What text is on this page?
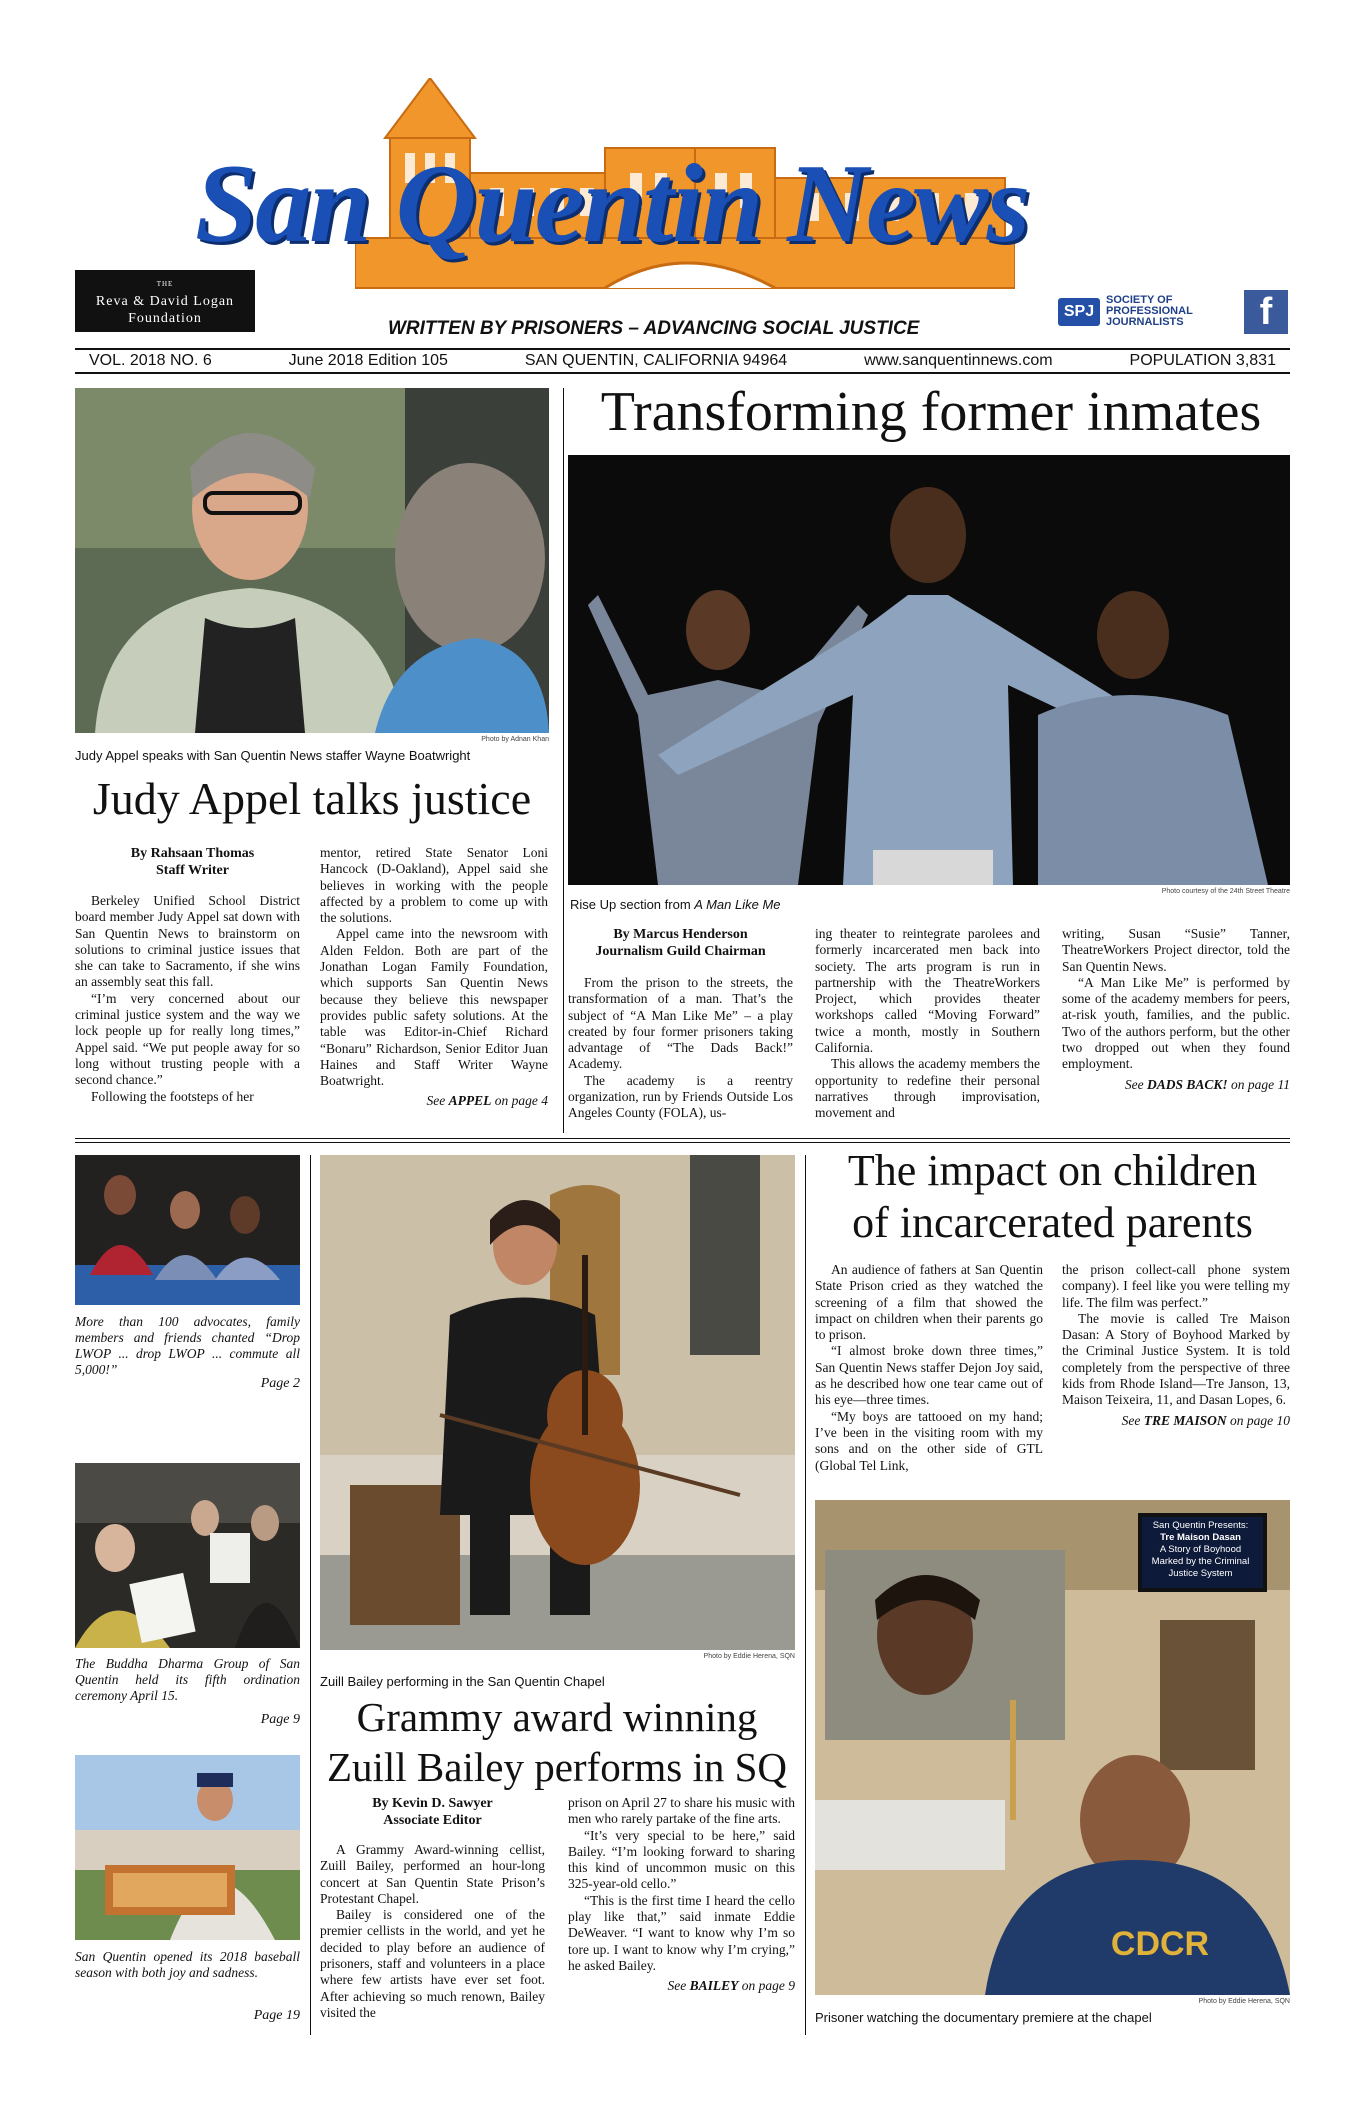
San Quentin News
THE
Reva & David Logan
Foundation	WRITTEN BY PRISONERS – ADVANCING SOCIAL JUSTICE
SPJ
SOCIETY OF
PROFESSIONAL
JOURNALISTS	f
VOL. 2018 NO. 6	June 2018 Edition 105	SAN QUENTIN, CALIFORNIA 94964	www.sanquentinnews.com	POPULATION 3,831
Photo by Adnan Khan
Judy Appel speaks with San Quentin News staffer Wayne Boatwright
Judy Appel talks justice
By Rahsaan Thomas
Staff Writer

Berkeley Unified School District board member Judy Appel sat down with San Quentin News to brainstorm on solutions to criminal justice issues that she can take to Sacramento, if she wins an assembly seat this fall.

“I’m very concerned about our criminal justice system and the way we lock people up for really long times,” Appel said. “We put people away for so long without trusting people with a second chance.”

Following the footsteps of her

mentor, retired State Senator Loni Hancock (D-Oakland), Appel said she believes in working with the people affected by a problem to come up with the solutions.

Appel came into the newsroom with Alden Feldon. Both are part of the Jonathan Logan Family Foundation, which supports San Quentin News because they believe this newspaper provides public safety solutions. At the table was Editor-in-Chief Richard “Bonaru” Richardson, Senior Editor Juan Haines and Staff Writer Wayne Boatwright.

See APPEL on page 4
Transforming former inmates
Photo courtesy of the 24th Street Theatre
Rise Up section from A Man Like Me
By Marcus Henderson
Journalism Guild Chairman

From the prison to the streets, the transformation of a man. That’s the subject of “A Man Like Me” – a play created by four former prisoners taking advantage of “The Dads Back!” Academy.

The academy is a reentry organization, run by Friends Outside Los Angeles County (FOLA), us-

ing theater to reintegrate parolees and formerly incarcerated men back into society. The arts program is run in partnership with the TheatreWorkers Project, which provides theater workshops called “Moving Forward” twice a month, mostly in Southern California.

This allows the academy members the opportunity to redefine their personal narratives through improvisation, movement and

writing, Susan “Susie” Tanner, TheatreWorkers Project director, told the San Quentin News.

“A Man Like Me” is performed by some of the academy members for peers, at-risk youth, families, and the public. Two of the authors perform, but the other two dropped out when they found employment.

See DADS BACK! on page 11
More than 100 advocates, family members and friends chanted “Drop LWOP ... drop LWOP ... commute all 5,000!”
Page 2
The Buddha Dharma Group of San Quentin held its fifth ordination ceremony April 15.
Page 9
San Quentin opened its 2018 baseball season with both joy and sadness.
Page 19
Photo by Eddie Herena, SQN
Zuill Bailey performing in the San Quentin Chapel
Grammy award winning
Zuill Bailey performs in SQ
By Kevin D. Sawyer
Associate Editor

A Grammy Award-winning cellist, Zuill Bailey, performed an hour-long concert at San Quentin State Prison’s Protestant Chapel.

Bailey is considered one of the premier cellists in the world, and yet he decided to play before an audience of prisoners, staff and volunteers in a place where few artists have ever set foot. After achieving so much renown, Bailey visited the

prison on April 27 to share his music with men who rarely partake of the fine arts.

“It’s very special to be here,” said Bailey. “I’m looking forward to sharing this kind of uncommon music on this 325-year-old cello.”

“This is the first time I heard the cello play like that,” said inmate Eddie DeWeaver. “I want to know why I’m so tore up. I want to know why I’m crying,” he asked Bailey.

See BAILEY on page 9
The impact on children
of incarcerated parents

An audience of fathers at San Quentin State Prison cried as they watched the screening of a film that showed the impact on children when their parents go to prison.

“I almost broke down three times,” San Quentin News staffer Dejon Joy said, as he described how one tear came out of his eye—three times.

“My boys are tattooed on my hand; I’ve been in the visiting room with my sons and on the other side of GTL (Global Tel Link,

the prison collect-call phone system company). I feel like you were telling my life. The film was perfect.”

The movie is called Tre Maison Dasan: A Story of Boyhood Marked by the Criminal Justice System. It is told completely from the perspective of three kids from Rhode Island—Tre Janson, 13, Maison Teixeira, 11, and Dasan Lopes, 6.

See TRE MAISON on page 10
San Quentin Presents:
Tre Maison Dasan
A Story of Boyhood
Marked by the Criminal
Justice System
CDCR
Photo by Eddie Herena, SQN
Prisoner watching the documentary premiere at the chapel
